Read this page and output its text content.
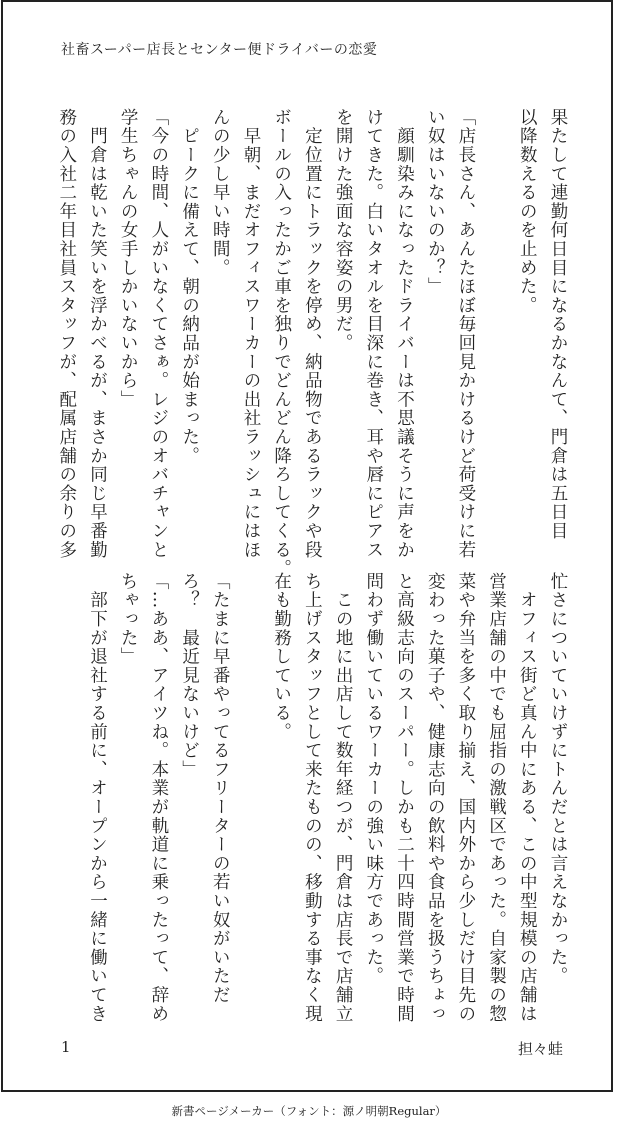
社畜スーパー店長とセンター便ドライバーの恋愛
果たして連勤何日目になるかなんて、門倉は五日目
以降数えるのを止めた。

「店長さん、あんたほぼ毎回見かけるけど荷受けに若
い奴はいないのか？」
　顔馴染みになったドライバーは不思議そうに声をか
けてきた。白いタオルを目深に巻き、耳や唇にピアス
を開けた強面な容姿の男だ。
　定位置にトラックを停め、納品物であるラックや段
ボールの入ったかご車を独りでどんどん降ろしてくる。
　早朝、まだオフィスワーカーの出社ラッシュにはほ
んの少し早い時間。
　ピークに備えて、朝の納品が始まった。
「今の時間、人がいなくてさぁ。レジのオバチャンと
学生ちゃんの女手しかいないから」
　門倉は乾いた笑いを浮かべるが、まさか同じ早番勤
務の入社二年目社員スタッフが、配属店舗の余りの多
忙さについていけずにトんだとは言えなかった。
　オフィス街ど真ん中にある、この中型規模の店舗は
営業店舗の中でも屈指の激戦区であった。自家製の惣
菜や弁当を多く取り揃え、国内外から少しだけ目先の
変わった菓子や、健康志向の飲料や食品を扱うちょっ
と高級志向のスーパー。しかも二十四時間営業で時間
問わず働いているワーカーの強い味方であった。
　この地に出店して数年経つが、門倉は店長で店舗立
ち上げスタッフとして来たものの、移動する事なく現
在も勤務している。

「たまに早番やってるフリーターの若い奴がいただ
ろ？　最近見ないけど」
「…ああ、アイツね。本業が軌道に乗ったって、辞め
ちゃった」
　部下が退社する前に、オープンから一緒に働いてき
1	担々蛙
新書ページメーカー（フォント：源ノ明朝Regular）
